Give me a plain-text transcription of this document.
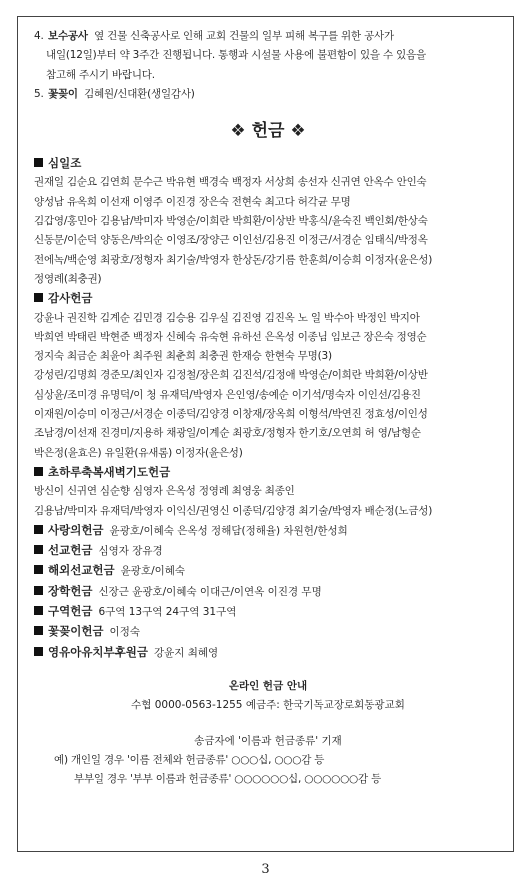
4. 보수공사 옆 건물 신축공사로 인해 교회 건물의 일부 피해 복구를 위한 공사가
내일(12일)부터 약 3주간 진행됩니다. 통행과 시설물 사용에 불편함이 있을 수 있음을
참고해 주시기 바랍니다.
5. 꽃꽂이 김혜원/신대환(생일감사)
❖ 헌금 ❖
심일조
권재일 김순요 김연희 문수근 박유현 백경숙 백정자 서상희 송선자 신귀연 안옥수 안인숙
양성남 유옥희 이선재 이영주 이진경 장은숙 전현숙 최고다 허각균 무명
김갑영/홍민아 김용남/박미자 박영순/이희란 박희환/이상반 박홍식/윤숙진 백인회/한상숙
신동문/이순덕 양동은/박의순 이영조/장양근 이인선/김용진 이정근/서경순 임태식/박정옥
전에녹/백순영 최광호/정형자 최기술/박영자 한상돈/강기름 한훈희/이승희 이정자(윤은성)
정영례(최충권)
감사헌금
강윤나 권진학 김계순 김민경 김승용 김우실 김진영 김진옥 노 일 박수아 박정인 박지아
박희연 박태린 박현준 백정자 신혜숙 유숙현 유하선 은옥성 이종님 임보근 장은숙 정영순
정지숙 최금순 최윤아 최주원 최춘희 최충권 한재승 한현숙 무명(3)
강성린/김명희 경준모/최인자 김정철/장은희 김진석/김정애 박영순/이희란 박희환/이상반
심상윤/조미경 유명덕/이 청 유재덕/박영자 은인영/송예순 이기석/명숙자 이인선/김용진
이재원/이승미 이정근/서경순 이종덕/김양경 이창재/장옥희 이형석/박연진 정효성/이인성
조남경/이선재 진경미/지용하 채광일/이계순 최광호/정형자 한기호/오연희 허 영/남형순
박은정(윤효은) 유일환(유새롬) 이정자(윤은성)
초하루축복새벽기도헌금
방신이 신귀연 심순향 심영자 은옥성 정영례 최영웅 최종인
김용남/박미자 유재덕/박영자 이익신/권영신 이종덕/김양경 최기술/박영자 배순정(노금성)
사랑의헌금 윤광호/이혜숙 은옥성 정해담(정해율) 차원헌/한성희
선교헌금 심영자 장유경
해외선교헌금 윤광호/이혜숙
장학헌금 신장근 윤광호/이혜숙 이대근/이연옥 이진경 무명
구역헌금 6구역 13구역 24구역 31구역
꽃꽂이헌금 이정숙
영유아유치부후원금 강윤지 최혜영
온라인 헌금 안내
수협 0000-0563-1255 예금주: 한국기독교장로회동광교회
송금자에 '이름과 헌금종류' 기재
예) 개인일 경우 '이름 전체와 헌금종류' ○○○십, ○○○감 등
부부일 경우 '부부 이름과 헌금종류' ○○○○○○십, ○○○○○○감 등
3
